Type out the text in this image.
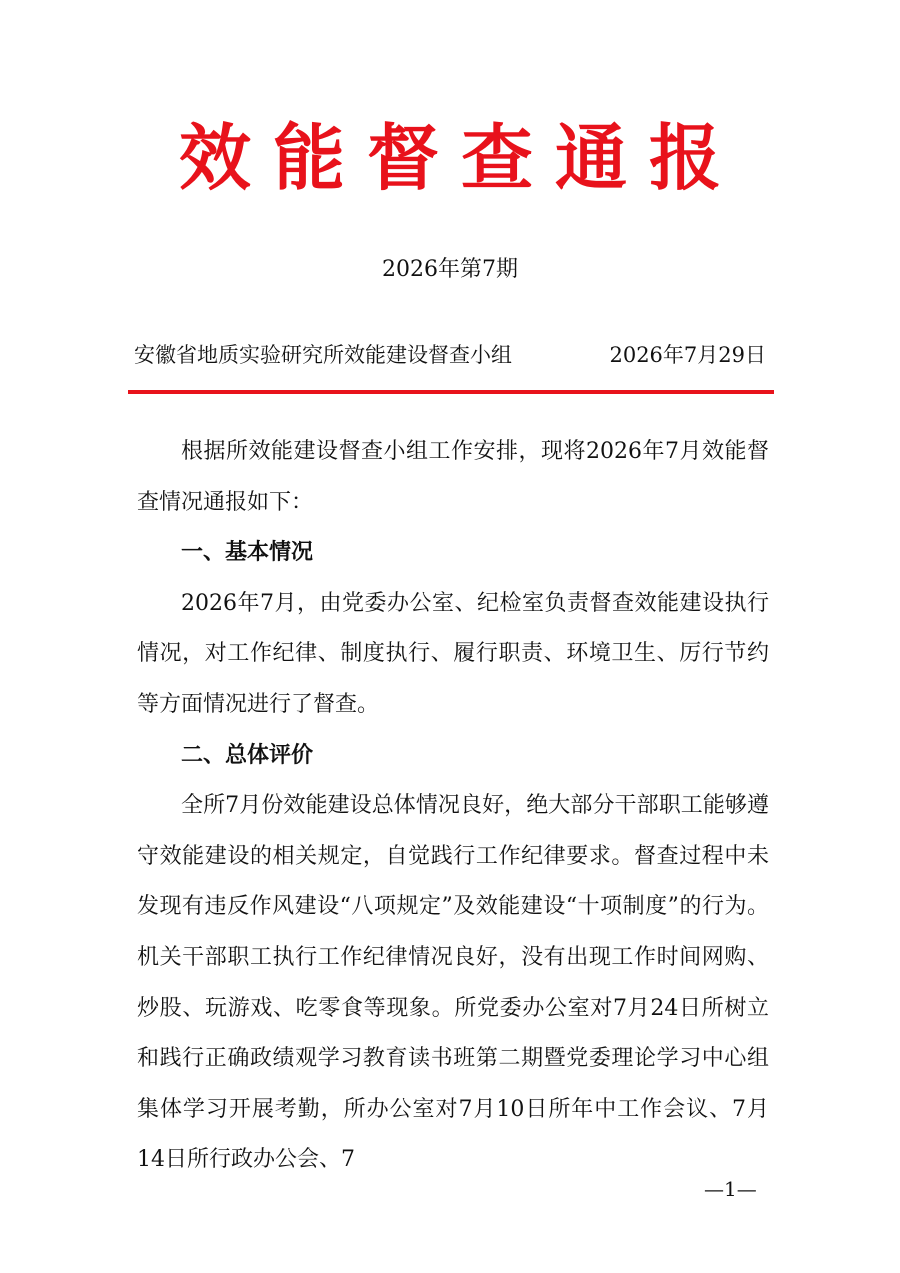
效能督查通报
2026年第7期
安徽省地质实验研究所效能建设督查小组	2026年7月29日

根据所效能建设督查小组工作安排，现将2026年7月效能督查情况通报如下：

一、基本情况

2026年7月，由党委办公室、纪检室负责督查效能建设执行情况，对工作纪律、制度执行、履行职责、环境卫生、厉行节约等方面情况进行了督查。

二、总体评价

全所7月份效能建设总体情况良好，绝大部分干部职工能够遵守效能建设的相关规定，自觉践行工作纪律要求。督查过程中未发现有违反作风建设“八项规定”及效能建设“十项制度”的行为。机关干部职工执行工作纪律情况良好，没有出现工作时间网购、炒股、玩游戏、吃零食等现象。所党委办公室对7月24日所树立和践行正确政绩观学习教育读书班第二期暨党委理论学习中心组集体学习开展考勤，所办公室对7月10日所年中工作会议、7月14日所行政办公会、7

—1—
